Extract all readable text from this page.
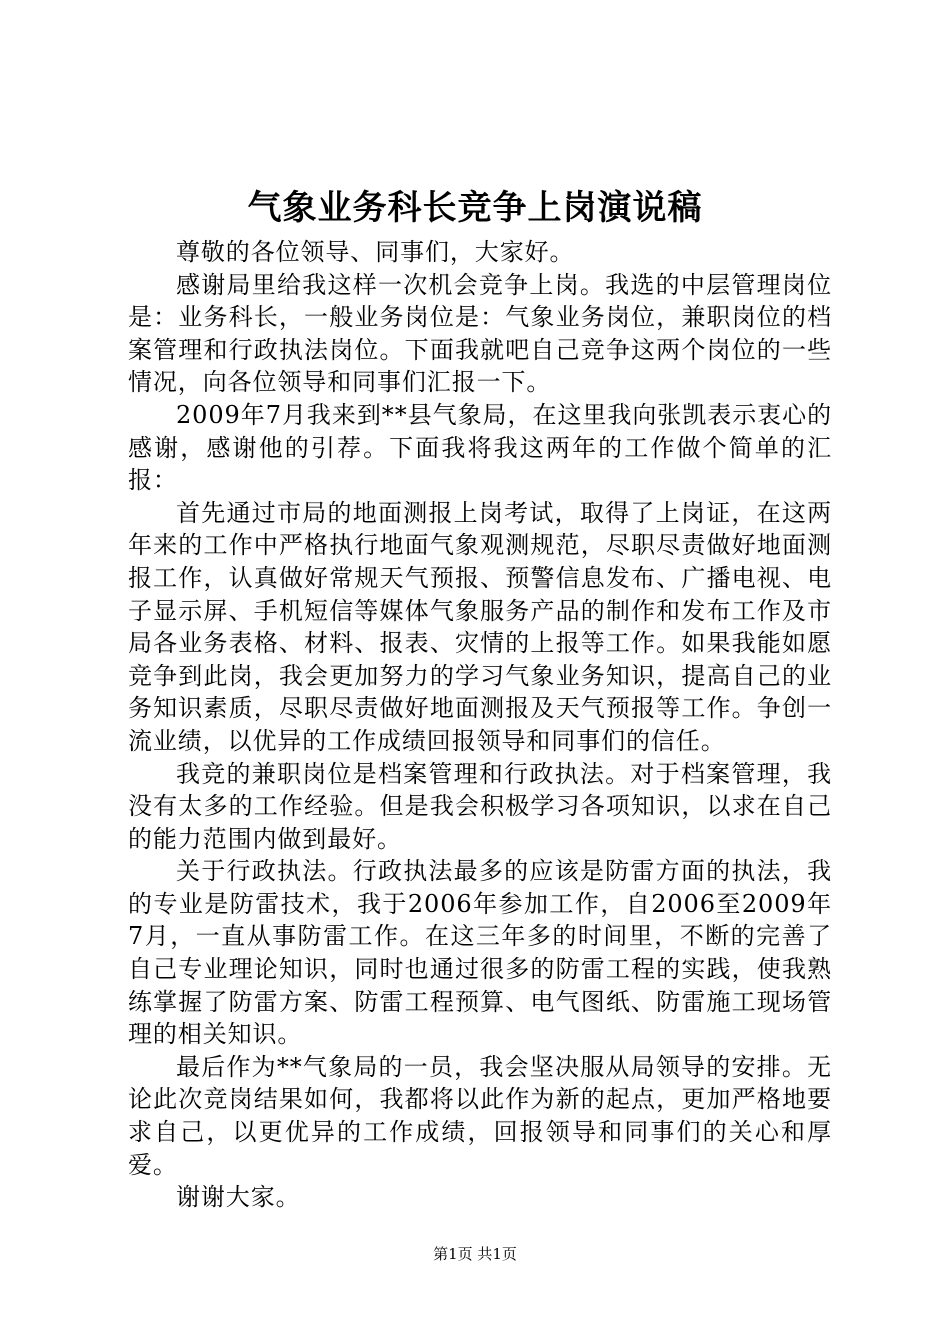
气象业务科长竞争上岗演说稿

尊敬的各位领导、同事们，大家好。

感谢局里给我这样一次机会竞争上岗。我选的中层管理岗位是：业务科长，一般业务岗位是：气象业务岗位，兼职岗位的档案管理和行政执法岗位。下面我就吧自己竞争这两个岗位的一些情况，向各位领导和同事们汇报一下。

2009年7月我来到**县气象局，在这里我向张凯表示衷心的感谢，感谢他的引荐。下面我将我这两年的工作做个简单的汇报：

首先通过市局的地面测报上岗考试，取得了上岗证，在这两年来的工作中严格执行地面气象观测规范，尽职尽责做好地面测报工作，认真做好常规天气预报、预警信息发布、广播电视、电子显示屏、手机短信等媒体气象服务产品的制作和发布工作及市局各业务表格、材料、报表、灾情的上报等工作。如果我能如愿竞争到此岗，我会更加努力的学习气象业务知识，提高自己的业务知识素质，尽职尽责做好地面测报及天气预报等工作。争创一流业绩，以优异的工作成绩回报领导和同事们的信任。

我竞的兼职岗位是档案管理和行政执法。对于档案管理，我没有太多的工作经验。但是我会积极学习各项知识，以求在自己的能力范围内做到最好。

关于行政执法。行政执法最多的应该是防雷方面的执法，我的专业是防雷技术，我于2006年参加工作，自2006至2009年7月，一直从事防雷工作。在这三年多的时间里，不断的完善了自己专业理论知识，同时也通过很多的防雷工程的实践，使我熟练掌握了防雷方案、防雷工程预算、电气图纸、防雷施工现场管理的相关知识。

最后作为**气象局的一员，我会坚决服从局领导的安排。无论此次竞岗结果如何，我都将以此作为新的起点，更加严格地要求自己，以更优异的工作成绩，回报领导和同事们的关心和厚爱。

谢谢大家。

第1页 共1页
